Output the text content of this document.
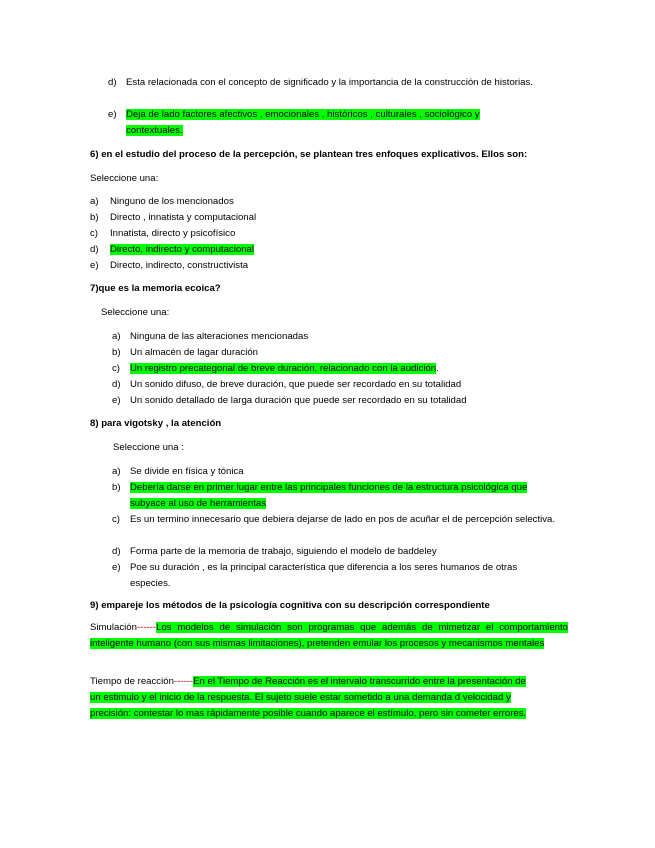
d) Esta relacionada con el concepto de significado y la importancia de la construcción de historias.
e) Deja de lado factores afectivos , emocionales , históricos , culturales , sociológico y contextuales.
6) en el estudio del proceso de la percepción, se plantean tres enfoques explicativos. Ellos son:
Seleccione una:
a) Ninguno de los mencionados
b) Directo , innatista y computacional
c) Innatista, directo y psicofísico
d) Directo, indirecto y computacional
e) Directo, indirecto, constructivista
7)que es la memoria ecoica?
Seleccione una:
a) Ninguna de las alteraciones mencionadas
b) Un almacén de lagar duración
c) Un registro precategonal de breve duración, relacionado con la audición.
d) Un sonido difuso, de breve duración, que puede ser recordado en su totalidad
e) Un sonido detallado de larga duración que puede ser recordado en su totalidad
8) para vigotsky , la atención
Seleccione una :
a) Se divide en física y tónica
b) Debería darse en primer lugar entre las principales funciones de la estructura psicológica que subyace al uso de herramientas
c) Es un termino innecesario que debiera dejarse de lado en pos de acuñar el de percepción selectiva.
d) Forma parte de la memoria de trabajo, siguiendo el modelo de baddeley
e) Poe su duración , es la principal característica que diferencia a los seres humanos de otras especies.
9) empareje los métodos de la psicología cognitiva con su descripción correspondiente
Simulación------Los modelos de simulación son programas que además de mimetizar el comportamiento inteligente humano (con sus mismas limitaciones), pretenden emular los procesos y mecanismos mentales
Tiempo de reacción------En el Tiempo de Reacción es el intervalo transcurrido entre la presentación de un estimulo y el inicio de la respuesta. El sujeto suele estar sometido a una demanda d velocidad y precisión: contestar lo mas rápidamente posible cuando aparece el estímulo, pero sin cometer errores.
